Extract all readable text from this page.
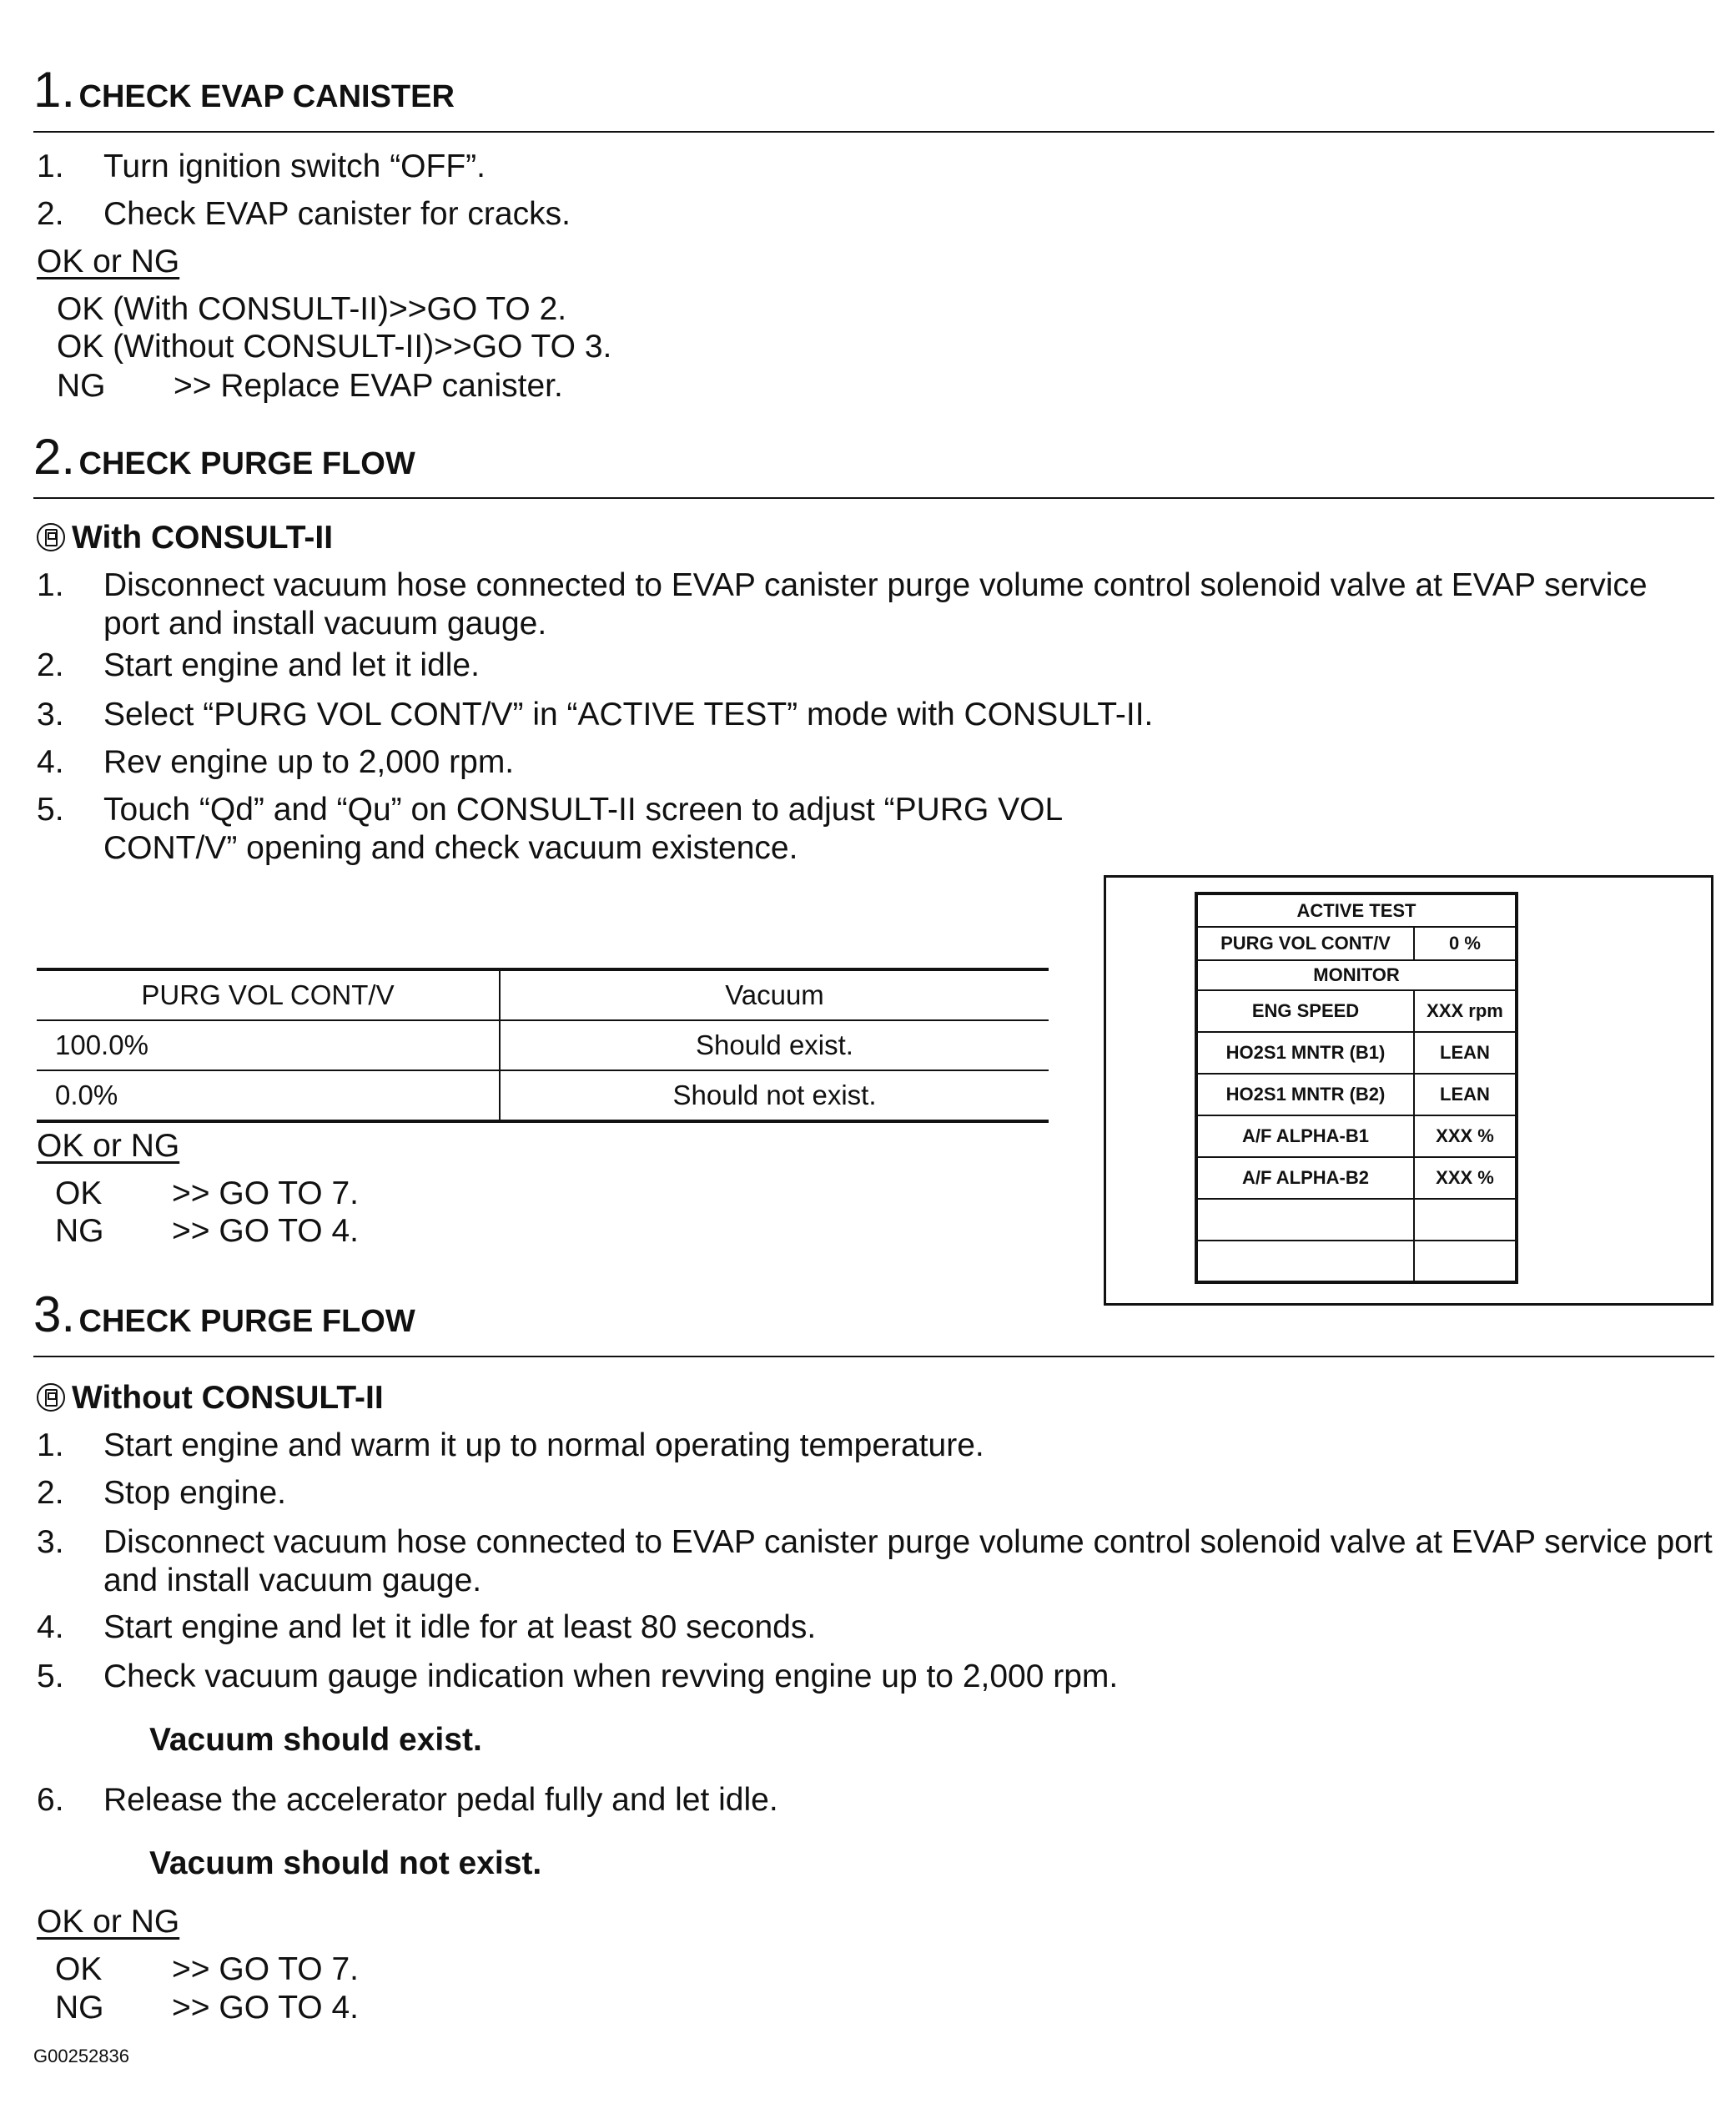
1. CHECK EVAP CANISTER
1. Turn ignition switch “OFF”.
2. Check EVAP canister for cracks.
OK or NG
OK (With CONSULT-II)>>GO TO 2.
OK (Without CONSULT-II)>>GO TO 3.
NG >> Replace EVAP canister.
2. CHECK PURGE FLOW
With CONSULT-II
1. Disconnect vacuum hose connected to EVAP canister purge volume control solenoid valve at EVAP service port and install vacuum gauge.
2. Start engine and let it idle.
3. Select “PURG VOL CONT/V” in “ACTIVE TEST” mode with CONSULT-II.
4. Rev engine up to 2,000 rpm.
5. Touch “Qd” and “Qu” on CONSULT-II screen to adjust “PURG VOL CONT/V” opening and check vacuum existence.
PURG VOL CONT/V	Vacuum
100.0%	Should exist.
0.0%	Should not exist.
OK or NG
OK >> GO TO 7.
NG >> GO TO 4.
ACTIVE TEST	
PURG VOL CONT/V	0 %
MONITOR	
ENG SPEED	XXX rpm
HO2S1 MNTR (B1)	LEAN
HO2S1 MNTR (B2)	LEAN
A/F ALPHA-B1	XXX %
A/F ALPHA-B2	XXX %

3. CHECK PURGE FLOW
Without CONSULT-II
1. Start engine and warm it up to normal operating temperature.
2. Stop engine.
3. Disconnect vacuum hose connected to EVAP canister purge volume control solenoid valve at EVAP service port and install vacuum gauge.
4. Start engine and let it idle for at least 80 seconds.
5. Check vacuum gauge indication when revving engine up to 2,000 rpm.
Vacuum should exist.
6. Release the accelerator pedal fully and let idle.
Vacuum should not exist.
OK or NG
OK >> GO TO 7.
NG >> GO TO 4.
G00252836
